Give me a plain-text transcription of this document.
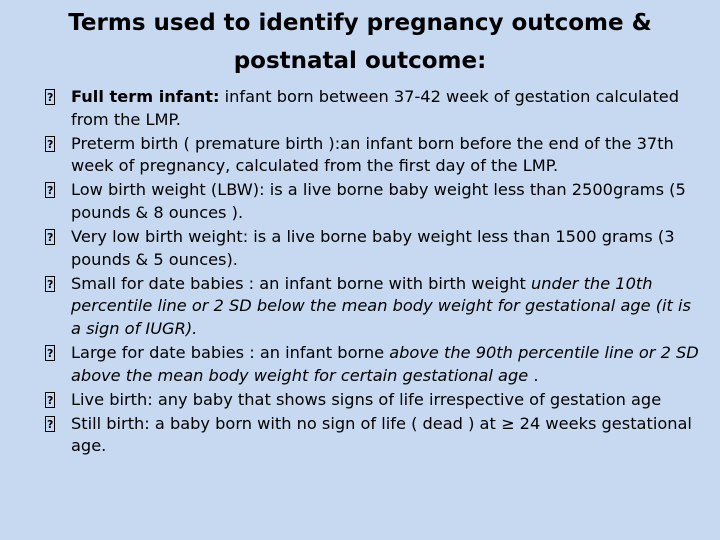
Terms used to identify pregnancy outcome &
postnatal outcome:
?
Full term infant: infant born between 37-42 week of gestation calculated from the LMP.
?
Preterm birth ( premature birth ):an infant born before the end of the 37th week of pregnancy, calculated from the first day of the LMP.
?
Low birth weight (LBW): is a live borne baby weight less than 2500grams (5 pounds & 8 ounces ).
?
Very low birth weight: is a live borne baby weight less than 1500 grams (3 pounds & 5 ounces).
?
Small for date babies : an infant borne with birth weight under the 10th percentile line or 2 SD below the mean body weight for gestational age (it is a sign of IUGR).
?
Large for date babies : an infant borne above the 90th percentile line or 2 SD above the mean body weight for certain gestational age .
?
Live birth: any baby that shows signs of life irrespective of gestation age
?
Still birth: a baby born with no sign of life ( dead ) at ≥ 24 weeks gestational age.
